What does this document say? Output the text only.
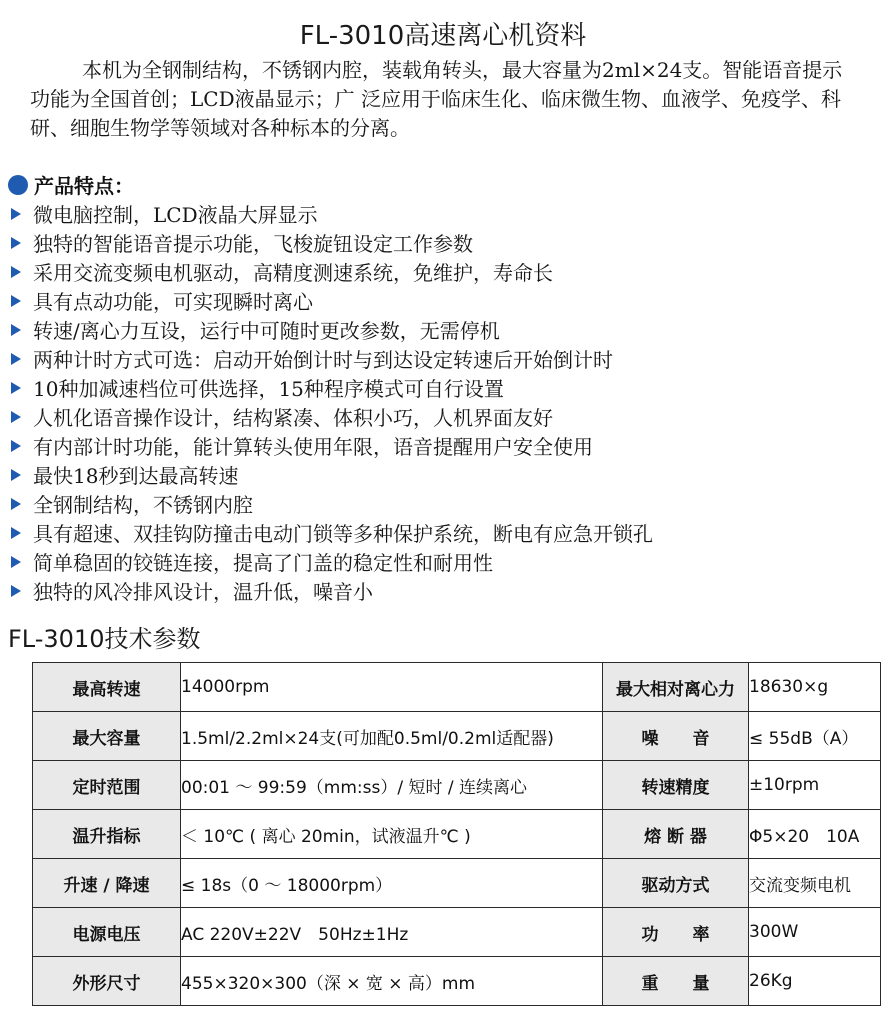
FL-3010高速离心机资料

本机为全钢制结构，不锈钢内腔，装载角转头，最大容量为2ml×24支。智能语音提示功能为全国首创；LCD液晶显示；广 泛应用于临床生化、临床微生物、血液学、免疫学、科研、细胞生物学等领域对各种标本的分离。

产品特点：
微电脑控制，LCD液晶大屏显示
独特的智能语音提示功能，飞梭旋钮设定工作参数
采用交流变频电机驱动，高精度测速系统，免维护，寿命长
具有点动功能，可实现瞬时离心
转速/离心力互设，运行中可随时更改参数，无需停机
两种计时方式可选：启动开始倒计时与到达设定转速后开始倒计时
10种加减速档位可供选择，15种程序模式可自行设置
人机化语音操作设计，结构紧凑、体积小巧，人机界面友好
有内部计时功能，能计算转头使用年限，语音提醒用户安全使用
最快18秒到达最高转速
全钢制结构，不锈钢内腔
具有超速、双挂钩防撞击电动门锁等多种保护系统，断电有应急开锁孔
简单稳固的铰链连接，提高了门盖的稳定性和耐用性
独特的风冷排风设计，温升低，噪音小
FL-3010技术参数
最高转速	14000rpm	最大相对离心力	18630×g
最大容量	1.5ml/2.2ml×24支(可加配0.5ml/0.2ml适配器)	噪　　音	≤ 55dB（A）
定时范围	00:01 ～ 99:59（mm:ss）/ 短时 / 连续离心	转速精度	±10rpm
温升指标	＜ 10℃ ( 离心 20min，试液温升℃ )	熔 断 器	Φ5×20　10A
升速 / 降速	≤ 18s（0 ～ 18000rpm）	驱动方式	交流变频电机
电源电压	AC 220V±22V　50Hz±1Hz	功　　率	300W
外形尺寸	455×320×300（深 × 宽 × 高）mm	重　　量	26Kg
